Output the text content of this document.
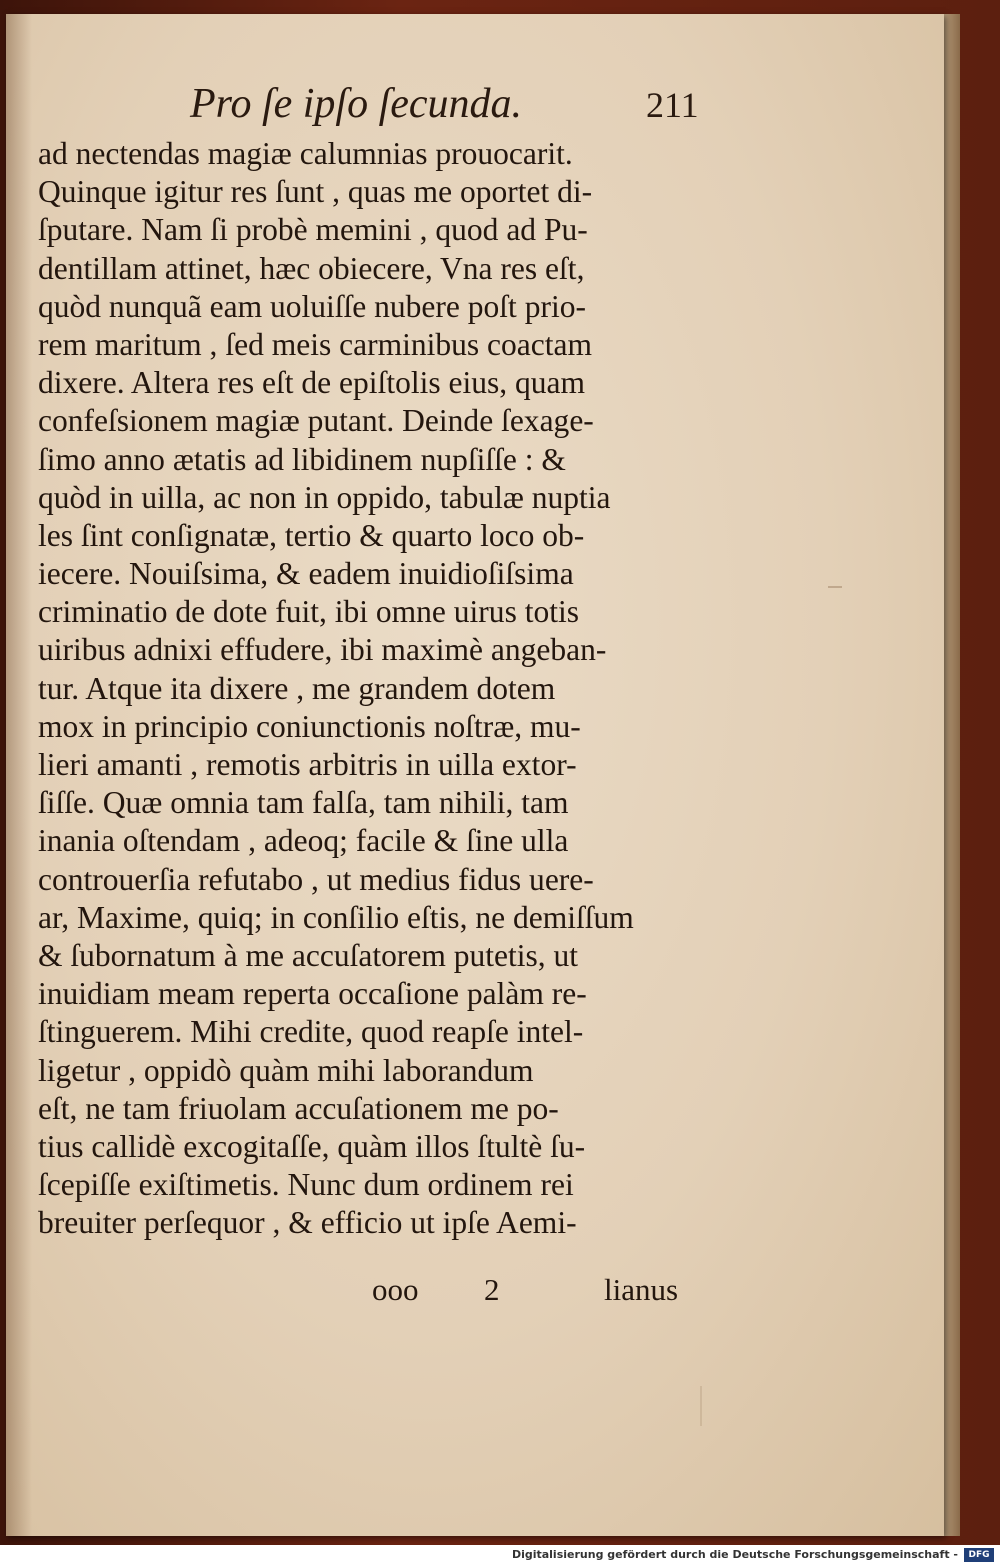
Pro ſe ipſo ſecunda.	211
ad nectendas magiæ calumnias prouocarit.
Quinque igitur res ſunt , quas me oportet di-
ſputare. Nam ſi probè memini , quod ad Pu-
dentillam attinet, hæc obiecere, Vna res eſt,
quòd nunquã eam uoluiſſe nubere poſt prio-
rem maritum , ſed meis carminibus coactam
dixere. Altera res eſt de epiſtolis eius, quam
confeſsionem magiæ putant. Deinde ſexage-
ſimo anno ætatis ad libidinem nupſiſſe : &
quòd in uilla, ac non in oppido, tabulæ nuptia
les ſint conſignatæ, tertio & quarto loco ob-
iecere. Nouiſsima, & eadem inuidioſiſsima
criminatio de dote fuit, ibi omne uirus totis
uiribus adnixi effudere, ibi maximè angeban-
tur. Atque ita dixere , me grandem dotem
mox in principio coniunctionis noſtræ, mu-
lieri amanti , remotis arbitris in uilla extor-
ſiſſe. Quæ omnia tam falſa, tam nihili, tam
inania oſtendam , adeoq; facile & ſine ulla
controuerſia refutabo , ut medius fidus uere-
ar, Maxime, quiq; in conſilio eſtis, ne demiſſum
& ſubornatum à me accuſatorem putetis, ut
inuidiam meam reperta occaſione palàm re-
ſtinguerem. Mihi credite, quod reapſe intel-
ligetur , oppidò quàm mihi laborandum
eſt, ne tam friuolam accuſationem me po-
tius callidè excogitaſſe, quàm illos ſtultè ſu-
ſcepiſſe exiſtimetis. Nunc dum ordinem rei
breuiter perſequor , & efficio ut ipſe Aemi-
ooo 2	lianus
Digitalisierung gefördert durch die Deutsche Forschungsgemeinschaft -	DFG
